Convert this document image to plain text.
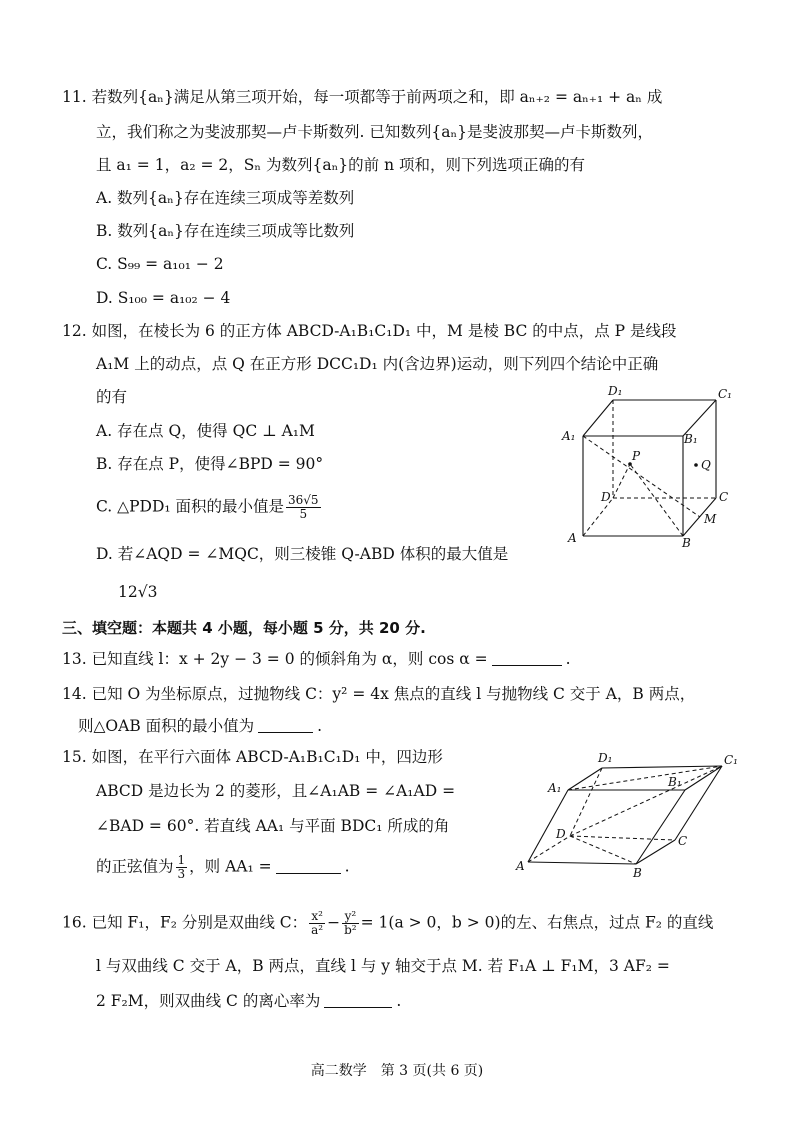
11. 若数列{aₙ}满足从第三项开始，每一项都等于前两项之和，即 aₙ₊₂ = aₙ₊₁ + aₙ 成
立，我们称之为斐波那契—卢卡斯数列. 已知数列{aₙ}是斐波那契—卢卡斯数列，
且 a₁ = 1，a₂ = 2，Sₙ 为数列{aₙ}的前 n 项和，则下列选项正确的有
A. 数列{aₙ}存在连续三项成等差数列
B. 数列{aₙ}存在连续三项成等比数列
C. S₉₉ = a₁₀₁ − 2
D. S₁₀₀ = a₁₀₂ − 4
12. 如图，在棱长为 6 的正方体 ABCD-A₁B₁C₁D₁ 中，M 是棱 BC 的中点，点 P 是线段
A₁M 上的动点，点 Q 在正方形 DCC₁D₁ 内(含边界)运动，则下列四个结论中正确
的有
A. 存在点 Q，使得 QC ⊥ A₁M
B. 存在点 P，使得∠BPD = 90°
C. △PDD₁ 面积的最小值是 $\frac{36√5}{5}$
D. 若∠AQD = ∠MQC，则三棱锥 Q-ABD 体积的最大值是
12√3
A₁
D₁	C₁
B₁
P
Q
D	C
M
A	B
三、填空题：本题共 4 小题，每小题 5 分，共 20 分.
13. 已知直线 l：x + 2y − 3 = 0 的倾斜角为 α，则 cos α =	.
14. 已知 O 为坐标原点，过抛物线 C：y² = 4x 焦点的直线 l 与抛物线 C 交于 A，B 两点，
则△OAB 面积的最小值为	.
15. 如图，在平行六面体 ABCD-A₁B₁C₁D₁ 中，四边形
ABCD 是边长为 2 的菱形，且∠A₁AB = ∠A₁AD =
∠BAD = 60°. 若直线 AA₁ 与平面 BDC₁ 所成的角
的正弦值为 $\frac{1}{3}$ ，则 AA₁ =	.
D₁	C₁
A₁	B₁
D	C
A	B
16. 已知 F₁，F₂ 分别是双曲线 C： $\frac{\text{x²}}{\text{a²}} - \frac{\text{y²}}{\text{b²}} = 1(a > 0$，b > 0)的左、右焦点，过点 F₂ 的直线
l 与双曲线 C 交于 A，B 两点，直线 l 与 y 轴交于点 M. 若 F₁A ⊥ F₁M，3 AF₂ =
2 F₂M，则双曲线 C 的离心率为	.
高二数学　第 3 页(共 6 页)
